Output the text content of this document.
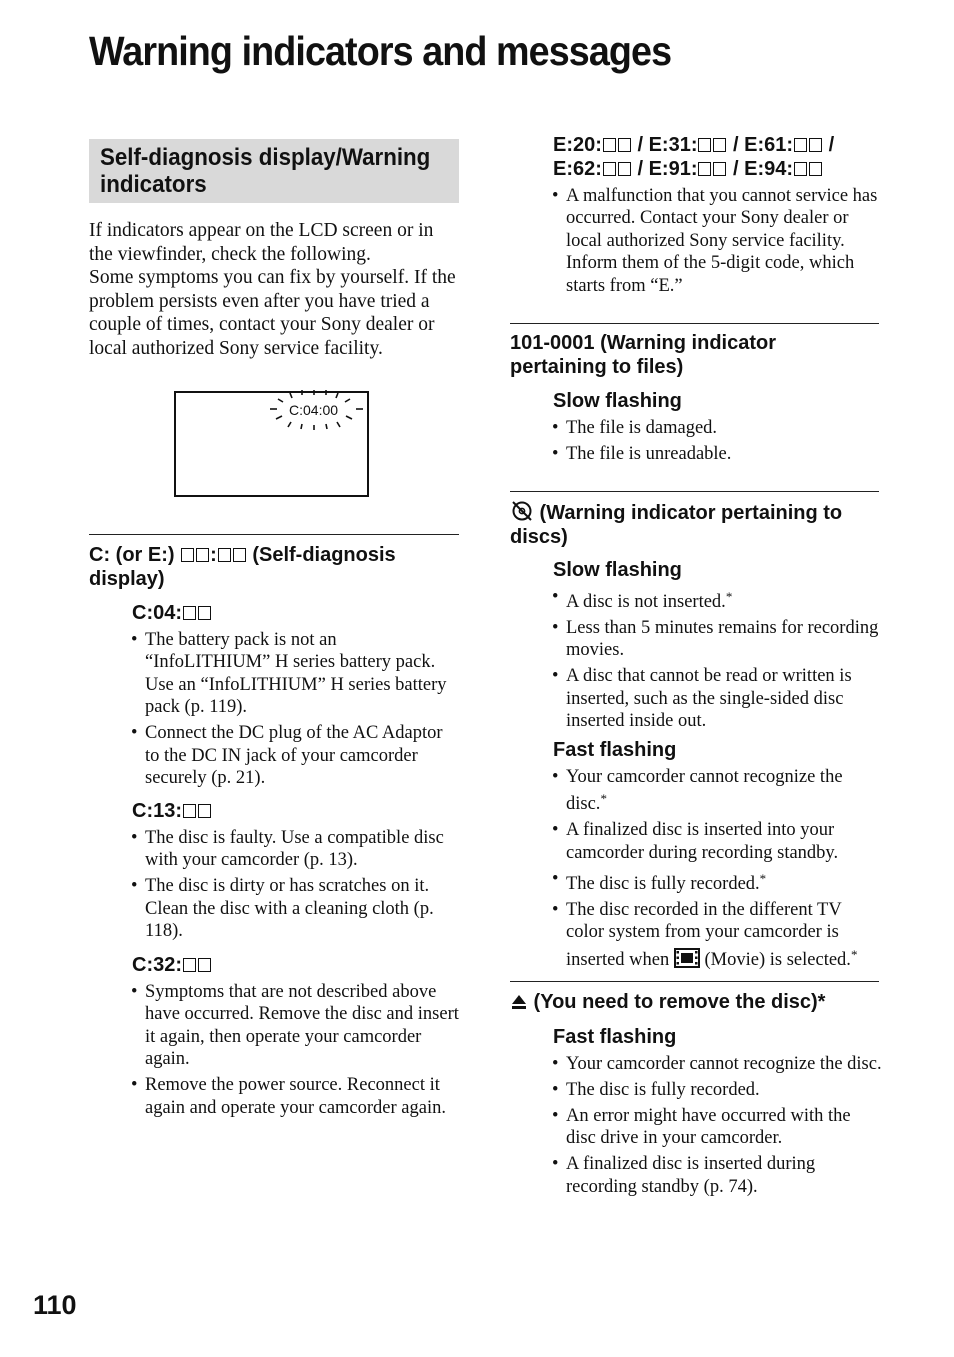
Warning indicators and messages
Self-diagnosis display/Warning
indicators

If indicators appear on the LCD screen or in the viewfinder, check the following.

Some symptoms you can fix by yourself. If the problem persists even after you have tried a couple of times, contact your Sony dealer or local authorized Sony service facility.

C:04:00
C: (or E:) : (Self-diagnosis display)
C:04:
• The battery pack is not an “InfoLITHIUM” H series battery pack. Use an “InfoLITHIUM” H series battery pack (p. 119).
• Connect the DC plug of the AC Adaptor to the DC IN jack of your camcorder securely (p. 21).
C:13:
• The disc is faulty. Use a compatible disc with your camcorder (p. 13).
• The disc is dirty or has scratches on it. Clean the disc with a cleaning cloth (p. 118).
C:32:
• Symptoms that are not described above have occurred. Remove the disc and insert it again, then operate your camcorder again.
• Remove the power source. Reconnect it again and operate your camcorder again.
E:20: / E:31: / E:61: / E:62: / E:91: / E:94:
• A malfunction that you cannot service has occurred. Contact your Sony dealer or local authorized Sony service facility. Inform them of the 5-digit code, which starts from “E.”
101-0001 (Warning indicator pertaining to files)
Slow flashing
• The file is damaged.
• The file is unreadable.
(Warning indicator pertaining to discs)
Slow flashing
• A disc is not inserted.*
• Less than 5 minutes remains for recording movies.
• A disc that cannot be read or written is inserted, such as the single-sided disc inserted inside out.
Fast flashing
• Your camcorder cannot recognize the disc.*
• A finalized disc is inserted into your camcorder during recording standby.
• The disc is fully recorded.*
• The disc recorded in the different TV color system from your camcorder is inserted when (Movie) is selected.*
(You need to remove the disc)*
Fast flashing
• Your camcorder cannot recognize the disc.
• The disc is fully recorded.
• An error might have occurred with the disc drive in your camcorder.
• A finalized disc is inserted during recording standby (p. 74).
110
